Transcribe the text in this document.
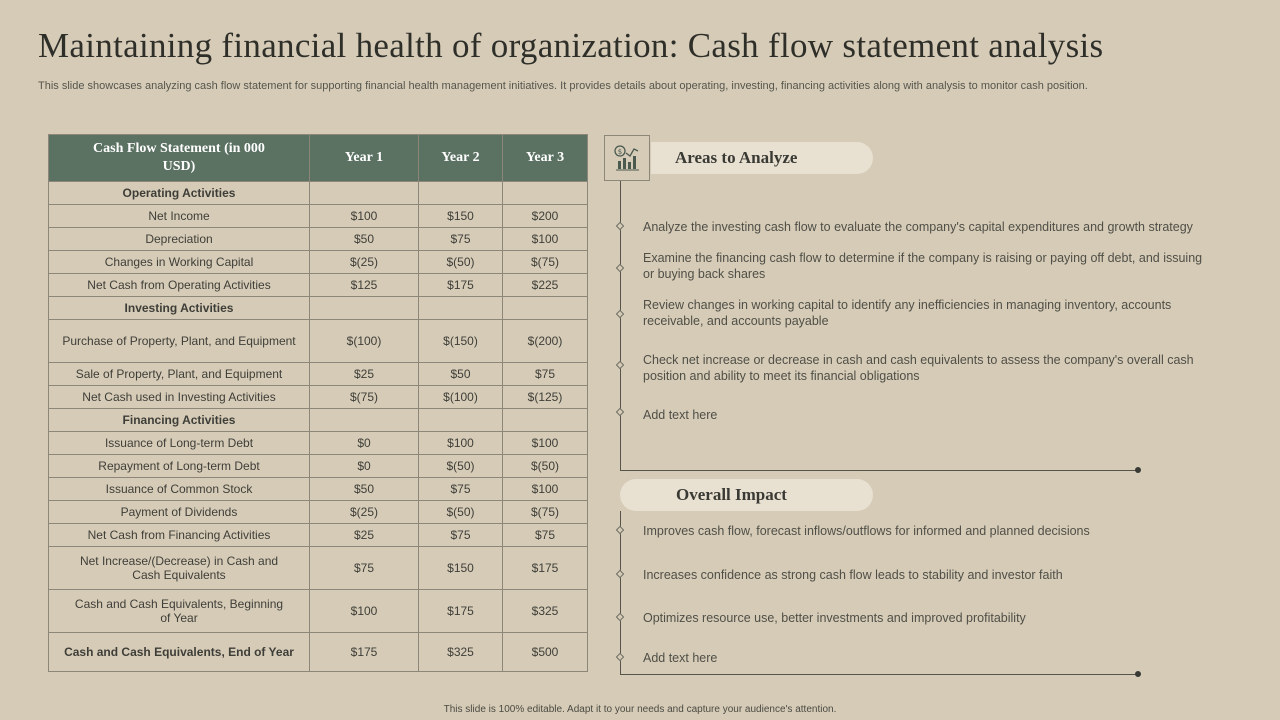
Maintaining financial health of organization: Cash flow statement analysis

This slide showcases analyzing cash flow statement for supporting financial health management initiatives. It provides details about operating, investing, financing activities along with analysis to monitor cash position.

Cash Flow Statement (in 000 USD)	Year 1	Year 2	Year 3
Operating Activities			
Net Income	$100	$150	$200
Depreciation	$50	$75	$100
Changes in Working Capital	$(25)	$(50)	$(75)
Net Cash from Operating Activities	$125	$175	$225
Investing Activities			
Purchase of Property, Plant, and Equipment	$(100)	$(150)	$(200)
Sale of Property, Plant, and Equipment	$25	$50	$75
Net Cash used in Investing Activities	$(75)	$(100)	$(125)
Financing Activities			
Issuance of Long-term Debt	$0	$100	$100
Repayment of Long-term Debt	$0	$(50)	$(50)
Issuance of Common Stock	$50	$75	$100
Payment of Dividends	$(25)	$(50)	$(75)
Net Cash from Financing Activities	$25	$75	$75
Net Increase/(Decrease) in Cash and Cash Equivalents	$75	$150	$175
Cash and Cash Equivalents, Beginning of Year	$100	$175	$325
Cash and Cash Equivalents, End of Year	$175	$325	$500
Areas to Analyze
$
Analyze the investing cash flow to evaluate the company's capital expenditures and growth strategy
Examine the financing cash flow to determine if the company is raising or paying off debt, and issuing or buying back shares
Review changes in working capital to identify any inefficiencies in managing inventory, accounts receivable, and accounts payable
Check net increase or decrease in cash and cash equivalents to assess the company's overall cash position and ability to meet its financial obligations
Add text here
Overall Impact
Improves cash flow, forecast inflows/outflows for informed and planned decisions
Increases confidence as strong cash flow leads to stability and investor faith
Optimizes resource use, better investments and improved profitability
Add text here
This slide is 100% editable. Adapt it to your needs and capture your audience's attention.
